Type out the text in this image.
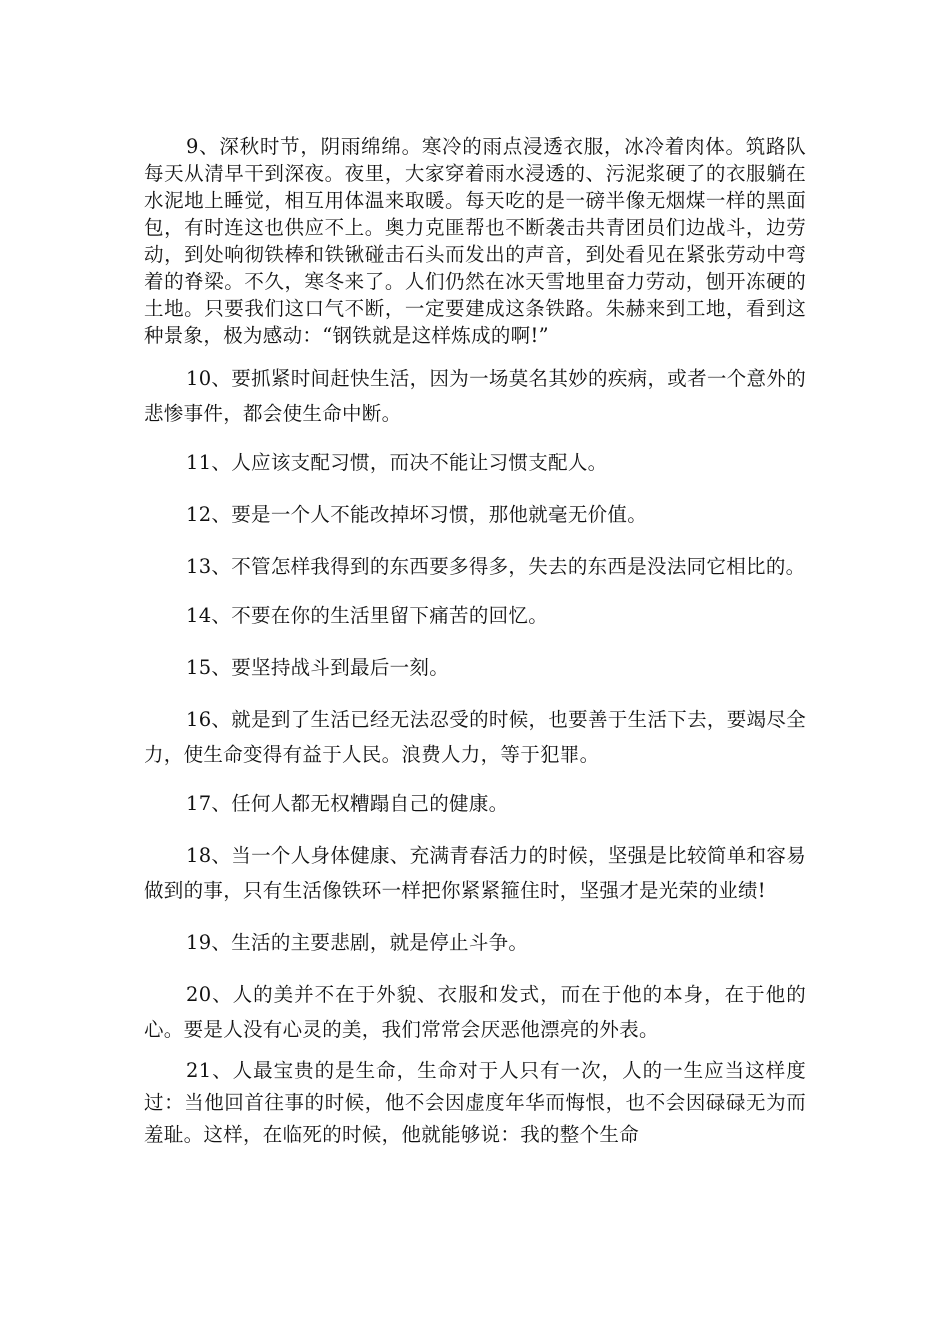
9、深秋时节，阴雨绵绵。寒冷的雨点浸透衣服，冰冷着肉体。筑路队每天从清早干到深夜。夜里，大家穿着雨水浸透的、污泥浆硬了的衣服躺在水泥地上睡觉，相互用体温来取暖。每天吃的是一磅半像无烟煤一样的黑面包，有时连这也供应不上。奥力克匪帮也不断袭击共青团员们边战斗，边劳动，到处响彻铁棒和铁锹碰击石头而发出的声音，到处看见在紧张劳动中弯着的脊梁。不久，寒冬来了。人们仍然在冰天雪地里奋力劳动，刨开冻硬的土地。只要我们这口气不断，一定要建成这条铁路。朱赫来到工地，看到这种景象，极为感动：“钢铁就是这样炼成的啊!”

10、要抓紧时间赶快生活，因为一场莫名其妙的疾病，或者一个意外的悲惨事件，都会使生命中断。

11、人应该支配习惯，而决不能让习惯支配人。

12、要是一个人不能改掉坏习惯，那他就毫无价值。

13、不管怎样我得到的东西要多得多，失去的东西是没法同它相比的。

14、不要在你的生活里留下痛苦的回忆。

15、要坚持战斗到最后一刻。

16、就是到了生活已经无法忍受的时候，也要善于生活下去，要竭尽全力，使生命变得有益于人民。浪费人力，等于犯罪。

17、任何人都无权糟蹋自己的健康。

18、当一个人身体健康、充满青春活力的时候，坚强是比较简单和容易做到的事，只有生活像铁环一样把你紧紧箍住时，坚强才是光荣的业绩!

19、生活的主要悲剧，就是停止斗争。

20、人的美并不在于外貌、衣服和发式，而在于他的本身，在于他的心。要是人没有心灵的美，我们常常会厌恶他漂亮的外表。

21、人最宝贵的是生命，生命对于人只有一次，人的一生应当这样度过：当他回首往事的时候，他不会因虚度年华而悔恨，也不会因碌碌无为而羞耻。这样，在临死的时候，他就能够说：我的整个生命
